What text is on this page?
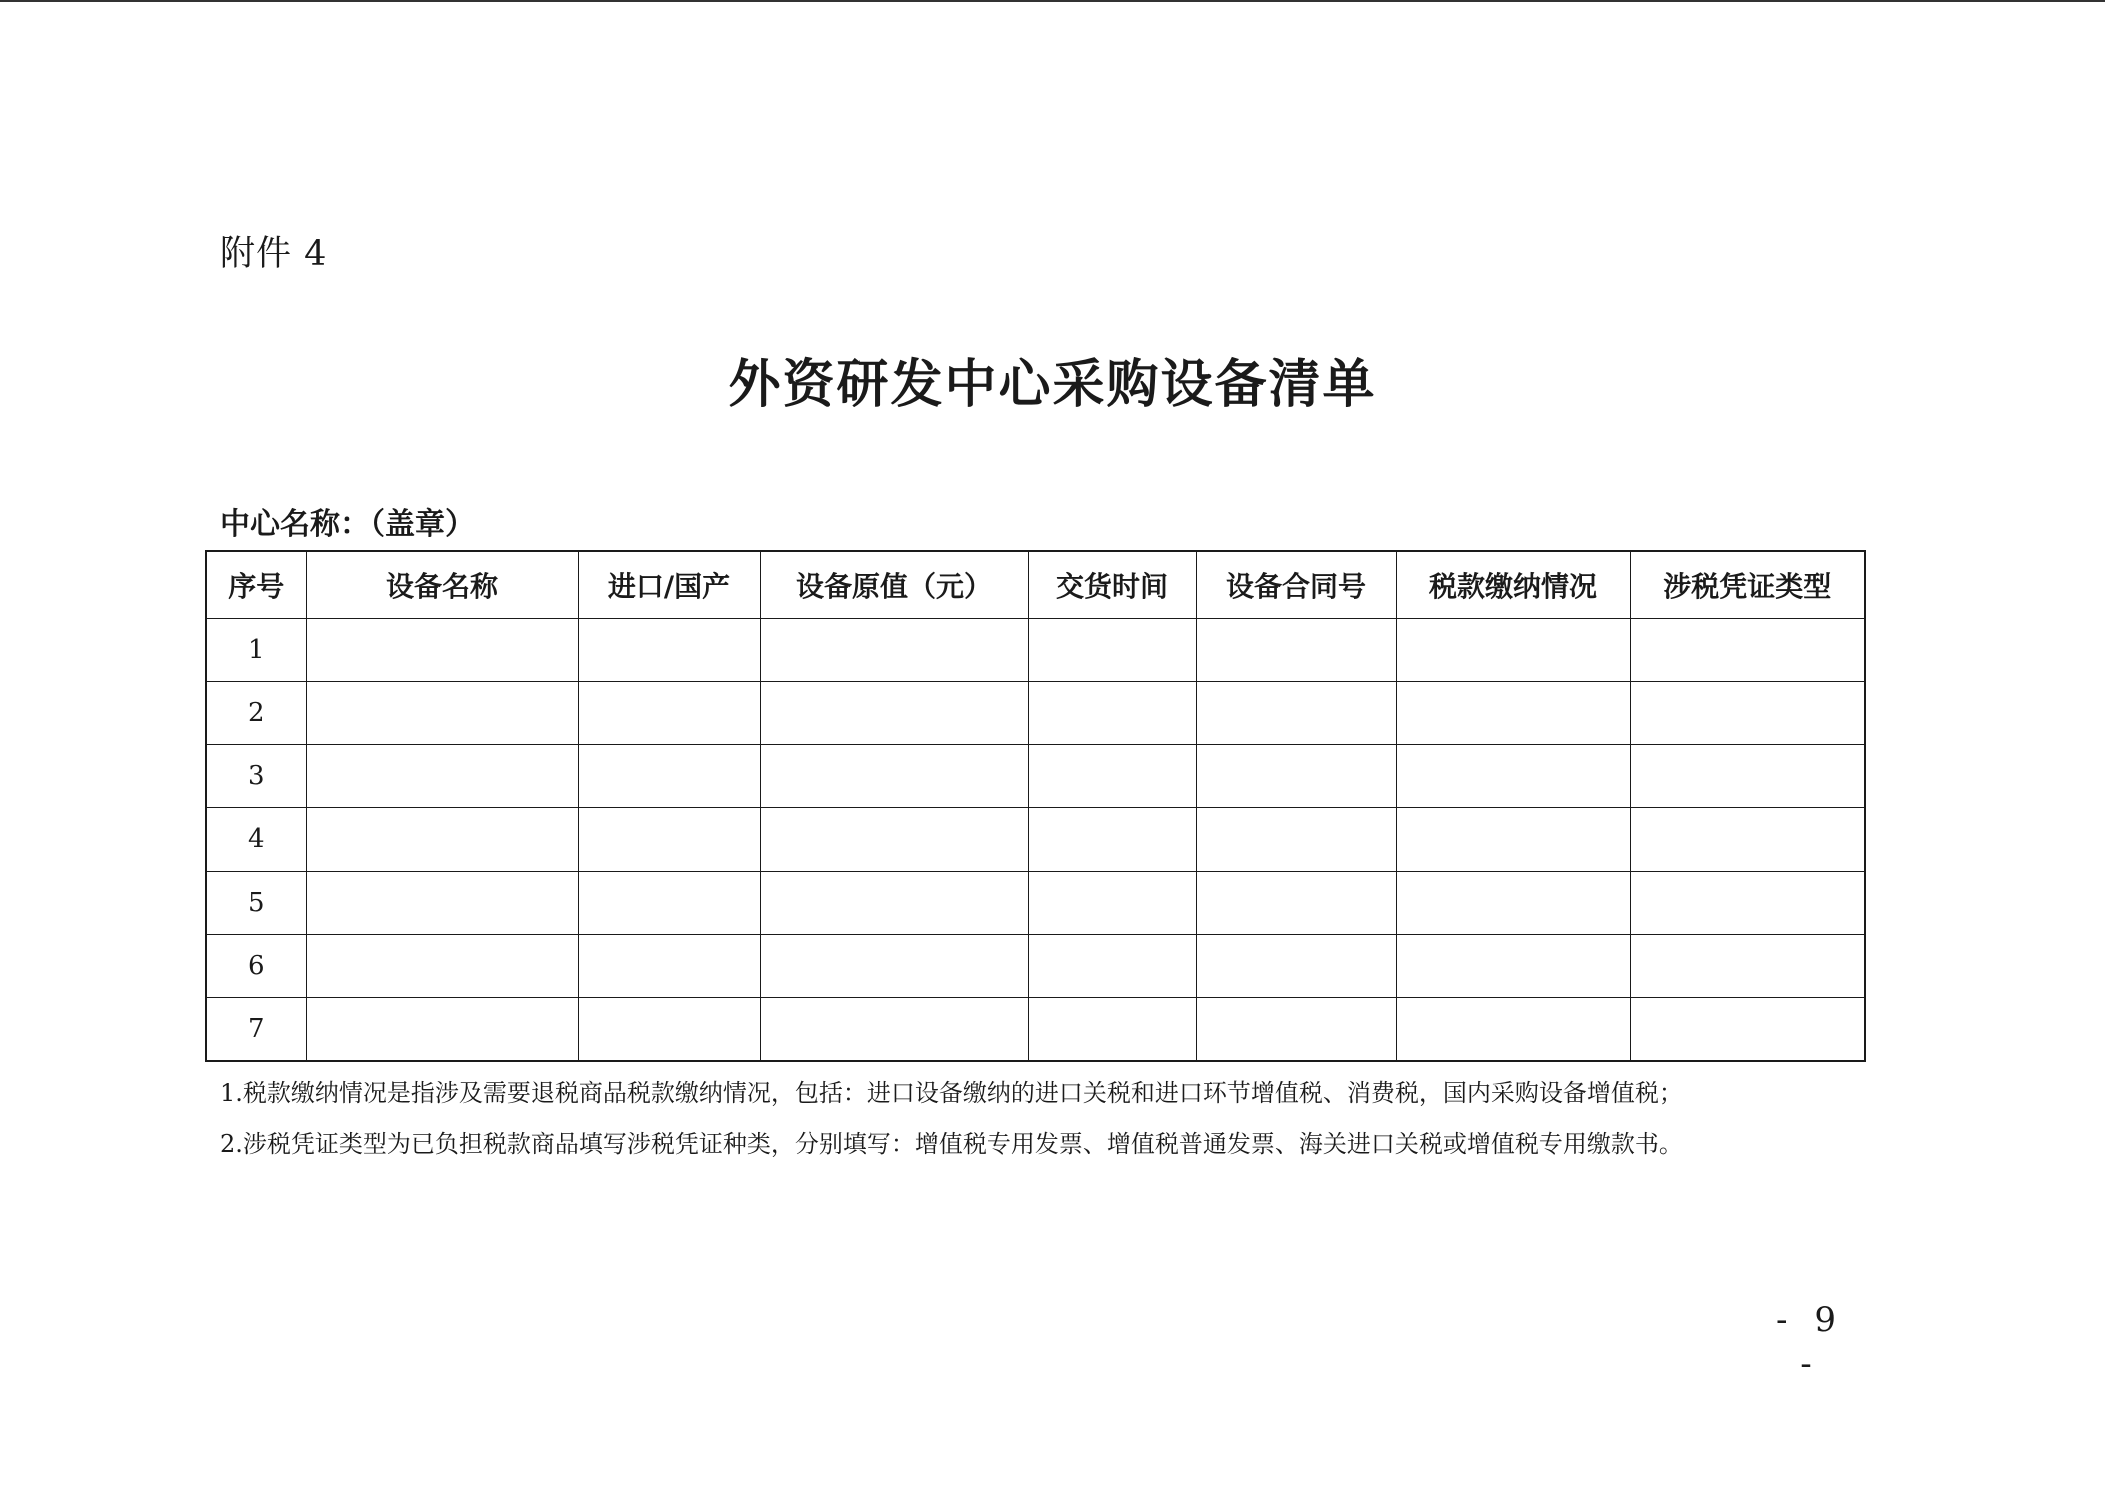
附件 4
外资研发中心采购设备清单
中心名称：（盖章）
序号	设备名称	进口/国产	设备原值（元）	交货时间	设备合同号	税款缴纳情况	涉税凭证类型
1							
2							
3							
4							
5							
6							
7							
1.税款缴纳情况是指涉及需要退税商品税款缴纳情况，包括：进口设备缴纳的进口关税和进口环节增值税、消费税，国内采购设备增值税；
2.涉税凭证类型为已负担税款商品填写涉税凭证种类，分别填写：增值税专用发票、增值税普通发票、海关进口关税或增值税专用缴款书。
- 9 -
